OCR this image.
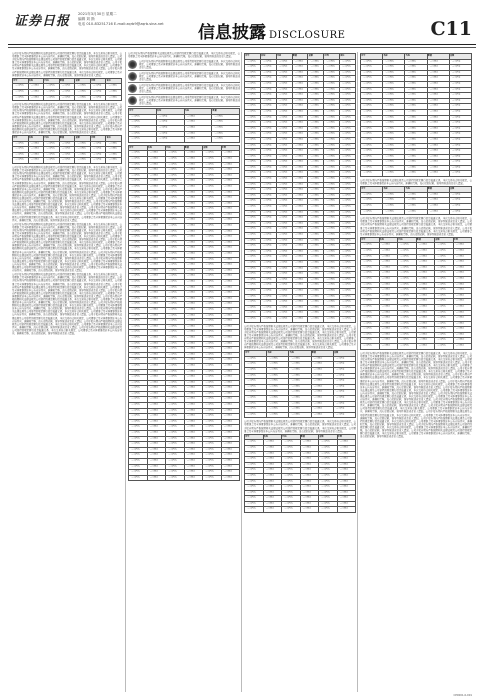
证券日报 2021年3月30日 星期二
编辑 刘 斯
电话 010-83251716 E-mail:zqrb9@zqrb.sina.net 信息披露 DISCLOSURE	C11

公司于报告期内严格按照相关法律法规及公司章程的规定履行信息披露义务，本次交易符合相关规定，公司董事会及全体董事保证本公告内容真实、准确和完整，没有虚假记载、误导性陈述或者重大遗漏。公司于报告期内严格按照相关法律法规及公司章程的规定履行信息披露义务，本次交易符合相关规定，公司董事会及全体董事保证本公告内容真实、准确和完整，没有虚假记载、误导性陈述或者重大遗漏。公司于报告期内严格按照相关法律法规及公司章程的规定履行信息披露义务，本次交易符合相关规定，公司董事会及全体董事保证本公告内容真实、准确和完整，没有虚假记载、误导性陈述或者重大遗漏。公司于报告期内严格按照相关法律法规及公司章程的规定履行信息披露义务，本次交易符合相关规定，公司董事会及全体董事保证本公告内容真实、准确和完整，没有虚假记载、误导性陈述或者重大遗漏。

序号	名称	代码	数量	金额	比例	备注
一二三四五	一二三四五	一二三四五	一二三四五	一二三四五	一二三四五	一二三四五
一二三四五	一二三四五	一二三四五	一二三四五	一二三四五	一二三四五	一二三四五
一二三四五	一二三四五	一二三四五	一二三四五	一二三四五	一二三四五	一二三四五

公司于报告期内严格按照相关法律法规及公司章程的规定履行信息披露义务，本次交易符合相关规定，公司董事会及全体董事保证本公告内容真实、准确和完整，没有虚假记载、误导性陈述或者重大遗漏。公司于报告期内严格按照相关法律法规及公司章程的规定履行信息披露义务，本次交易符合相关规定，公司董事会及全体董事保证本公告内容真实、准确和完整，没有虚假记载、误导性陈述或者重大遗漏。公司于报告期内严格按照相关法律法规及公司章程的规定履行信息披露义务，本次交易符合相关规定，公司董事会及全体董事保证本公告内容真实、准确和完整，没有虚假记载、误导性陈述或者重大遗漏。公司于报告期内严格按照相关法律法规及公司章程的规定履行信息披露义务，本次交易符合相关规定，公司董事会及全体董事保证本公告内容真实、准确和完整，没有虚假记载、误导性陈述或者重大遗漏。公司于报告期内严格按照相关法律法规及公司章程的规定履行信息披露义务，本次交易符合相关规定，公司董事会及全体董事保证本公告内容真实、准确和完整，没有虚假记载、误导性陈述或者重大遗漏。

序号	名称	代码	数量	金额	比例	备注
一二三四五	一二三四五	一二三四五	一二三四五	一二三四五	一二三四五	一二三四五
一二三四五	一二三四五	一二三四五	一二三四五	一二三四五	一二三四五	一二三四五
一二三四五	一二三四五	一二三四五	一二三四五	一二三四五	一二三四五	一二三四五
一二三四五	一二三四五	一二三四五	一二三四五	一二三四五	一二三四五	一二三四五

公司于报告期内严格按照相关法律法规及公司章程的规定履行信息披露义务，本次交易符合相关规定，公司董事会及全体董事保证本公告内容真实、准确和完整，没有虚假记载、误导性陈述或者重大遗漏。公司于报告期内严格按照相关法律法规及公司章程的规定履行信息披露义务，本次交易符合相关规定，公司董事会及全体董事保证本公告内容真实、准确和完整，没有虚假记载、误导性陈述或者重大遗漏。公司于报告期内严格按照相关法律法规及公司章程的规定履行信息披露义务，本次交易符合相关规定，公司董事会及全体董事保证本公告内容真实、准确和完整，没有虚假记载、误导性陈述或者重大遗漏。公司于报告期内严格按照相关法律法规及公司章程的规定履行信息披露义务，本次交易符合相关规定，公司董事会及全体董事保证本公告内容真实、准确和完整，没有虚假记载、误导性陈述或者重大遗漏。公司于报告期内严格按照相关法律法规及公司章程的规定履行信息披露义务，本次交易符合相关规定，公司董事会及全体董事保证本公告内容真实、准确和完整，没有虚假记载、误导性陈述或者重大遗漏。公司于报告期内严格按照相关法律法规及公司章程的规定履行信息披露义务，本次交易符合相关规定，公司董事会及全体董事保证本公告内容真实、准确和完整，没有虚假记载、误导性陈述或者重大遗漏。公司于报告期内严格按照相关法律法规及公司章程的规定履行信息披露义务，本次交易符合相关规定，公司董事会及全体董事保证本公告内容真实、准确和完整，没有虚假记载、误导性陈述或者重大遗漏。公司于报告期内严格按照相关法律法规及公司章程的规定履行信息披露义务，本次交易符合相关规定，公司董事会及全体董事保证本公告内容真实、准确和完整，没有虚假记载、误导性陈述或者重大遗漏。公司于报告期内严格按照相关法律法规及公司章程的规定履行信息披露义务，本次交易符合相关规定，公司董事会及全体董事保证本公告内容真实、准确和完整，没有虚假记载、误导性陈述或者重大遗漏。

公司于报告期内严格按照相关法律法规及公司章程的规定履行信息披露义务，本次交易符合相关规定，公司董事会及全体董事保证本公告内容真实、准确和完整，没有虚假记载、误导性陈述或者重大遗漏。公司于报告期内严格按照相关法律法规及公司章程的规定履行信息披露义务，本次交易符合相关规定，公司董事会及全体董事保证本公告内容真实、准确和完整，没有虚假记载、误导性陈述或者重大遗漏。公司于报告期内严格按照相关法律法规及公司章程的规定履行信息披露义务，本次交易符合相关规定，公司董事会及全体董事保证本公告内容真实、准确和完整，没有虚假记载、误导性陈述或者重大遗漏。公司于报告期内严格按照相关法律法规及公司章程的规定履行信息披露义务，本次交易符合相关规定，公司董事会及全体董事保证本公告内容真实、准确和完整，没有虚假记载、误导性陈述或者重大遗漏。公司于报告期内严格按照相关法律法规及公司章程的规定履行信息披露义务，本次交易符合相关规定，公司董事会及全体董事保证本公告内容真实、准确和完整，没有虚假记载、误导性陈述或者重大遗漏。公司于报告期内严格按照相关法律法规及公司章程的规定履行信息披露义务，本次交易符合相关规定，公司董事会及全体董事保证本公告内容真实、准确和完整，没有虚假记载、误导性陈述或者重大遗漏。公司于报告期内严格按照相关法律法规及公司章程的规定履行信息披露义务，本次交易符合相关规定，公司董事会及全体董事保证本公告内容真实、准确和完整，没有虚假记载、误导性陈述或者重大遗漏。公司于报告期内严格按照相关法律法规及公司章程的规定履行信息披露义务，本次交易符合相关规定，公司董事会及全体董事保证本公告内容真实、准确和完整，没有虚假记载、误导性陈述或者重大遗漏。

公司于报告期内严格按照相关法律法规及公司章程的规定履行信息披露义务，本次交易符合相关规定，公司董事会及全体董事保证本公告内容真实、准确和完整，没有虚假记载、误导性陈述或者重大遗漏。公司于报告期内严格按照相关法律法规及公司章程的规定履行信息披露义务，本次交易符合相关规定，公司董事会及全体董事保证本公告内容真实、准确和完整，没有虚假记载、误导性陈述或者重大遗漏。公司于报告期内严格按照相关法律法规及公司章程的规定履行信息披露义务，本次交易符合相关规定，公司董事会及全体董事保证本公告内容真实、准确和完整，没有虚假记载、误导性陈述或者重大遗漏。公司于报告期内严格按照相关法律法规及公司章程的规定履行信息披露义务，本次交易符合相关规定，公司董事会及全体董事保证本公告内容真实、准确和完整，没有虚假记载、误导性陈述或者重大遗漏。公司于报告期内严格按照相关法律法规及公司章程的规定履行信息披露义务，本次交易符合相关规定，公司董事会及全体董事保证本公告内容真实、准确和完整，没有虚假记载、误导性陈述或者重大遗漏。公司于报告期内严格按照相关法律法规及公司章程的规定履行信息披露义务，本次交易符合相关规定，公司董事会及全体董事保证本公告内容真实、准确和完整，没有虚假记载、误导性陈述或者重大遗漏。公司于报告期内严格按照相关法律法规及公司章程的规定履行信息披露义务，本次交易符合相关规定，公司董事会及全体董事保证本公告内容真实、准确和完整，没有虚假记载、误导性陈述或者重大遗漏。公司于报告期内严格按照相关法律法规及公司章程的规定履行信息披露义务，本次交易符合相关规定，公司董事会及全体董事保证本公告内容真实、准确和完整，没有虚假记载、误导性陈述或者重大遗漏。公司于报告期内严格按照相关法律法规及公司章程的规定履行信息披露义务，本次交易符合相关规定，公司董事会及全体董事保证本公告内容真实、准确和完整，没有虚假记载、误导性陈述或者重大遗漏。公司于报告期内严格按照相关法律法规及公司章程的规定履行信息披露义务，本次交易符合相关规定，公司董事会及全体董事保证本公告内容真实、准确和完整，没有虚假记载、误导性陈述或者重大遗漏。

公司于报告期内严格按照相关法律法规及公司章程的规定履行信息披露义务，本次交易符合相关规定，公司董事会及全体董事保证本公告内容真实、准确和完整，没有虚假记载、误导性陈述或者重大遗漏。

公司于报告期内严格按照相关法律法规及公司章程的规定履行信息披露义务，本次交易符合相关规定，公司董事会及全体董事保证本公告内容真实、准确和完整，没有虚假记载、误导性陈述或者重大遗漏。
公司于报告期内严格按照相关法律法规及公司章程的规定履行信息披露义务，本次交易符合相关规定，公司董事会及全体董事保证本公告内容真实、准确和完整，没有虚假记载、误导性陈述或者重大遗漏。
公司于报告期内严格按照相关法律法规及公司章程的规定履行信息披露义务，本次交易符合相关规定，公司董事会及全体董事保证本公告内容真实、准确和完整，没有虚假记载、误导性陈述或者重大遗漏。
公司于报告期内严格按照相关法律法规及公司章程的规定履行信息披露义务，本次交易符合相关规定，公司董事会及全体董事保证本公告内容真实、准确和完整，没有虚假记载、误导性陈述或者重大遗漏。
序号	名称	代码	数量
一二三四五	一二三四五	一二三四五	一二三四五
一二三四五	一二三四五	一二三四五	一二三四五
一二三四五	一二三四五	一二三四五	一二三四五
一二三四五	一二三四五	一二三四五	一二三四五
一二三四五	一二三四五	一二三四五	一二三四五
序号	名称	代码	数量	金额	比例
一二三四五	一二三四五	一二三四五	一二三四五	一二三四五	一二三四五
一二三四五	一二三四五	一二三四五	一二三四五	一二三四五	一二三四五
一二三四五	一二三四五	一二三四五	一二三四五	一二三四五	一二三四五
一二三四五	一二三四五	一二三四五	一二三四五	一二三四五	一二三四五
一二三四五	一二三四五	一二三四五	一二三四五	一二三四五	一二三四五
一二三四五	一二三四五	一二三四五	一二三四五	一二三四五	一二三四五
一二三四五	一二三四五	一二三四五	一二三四五	一二三四五	一二三四五
一二三四五	一二三四五	一二三四五	一二三四五	一二三四五	一二三四五
一二三四五	一二三四五	一二三四五	一二三四五	一二三四五	一二三四五
一二三四五	一二三四五	一二三四五	一二三四五	一二三四五	一二三四五
一二三四五	一二三四五	一二三四五	一二三四五	一二三四五	一二三四五
一二三四五	一二三四五	一二三四五	一二三四五	一二三四五	一二三四五
一二三四五	一二三四五	一二三四五	一二三四五	一二三四五	一二三四五
一二三四五	一二三四五	一二三四五	一二三四五	一二三四五	一二三四五
一二三四五	一二三四五	一二三四五	一二三四五	一二三四五	一二三四五
一二三四五	一二三四五	一二三四五	一二三四五	一二三四五	一二三四五
一二三四五	一二三四五	一二三四五	一二三四五	一二三四五	一二三四五
一二三四五	一二三四五	一二三四五	一二三四五	一二三四五	一二三四五
一二三四五	一二三四五	一二三四五	一二三四五	一二三四五	一二三四五
一二三四五	一二三四五	一二三四五	一二三四五	一二三四五	一二三四五
一二三四五	一二三四五	一二三四五	一二三四五	一二三四五	一二三四五
一二三四五	一二三四五	一二三四五	一二三四五	一二三四五	一二三四五
一二三四五	一二三四五	一二三四五	一二三四五	一二三四五	一二三四五
一二三四五	一二三四五	一二三四五	一二三四五	一二三四五	一二三四五
一二三四五	一二三四五	一二三四五	一二三四五	一二三四五	一二三四五
一二三四五	一二三四五	一二三四五	一二三四五	一二三四五	一二三四五
一二三四五	一二三四五	一二三四五	一二三四五	一二三四五	一二三四五
一二三四五	一二三四五	一二三四五	一二三四五	一二三四五	一二三四五
一二三四五	一二三四五	一二三四五	一二三四五	一二三四五	一二三四五
一二三四五	一二三四五	一二三四五	一二三四五	一二三四五	一二三四五
一二三四五	一二三四五	一二三四五	一二三四五	一二三四五	一二三四五
一二三四五	一二三四五	一二三四五	一二三四五	一二三四五	一二三四五
一二三四五	一二三四五	一二三四五	一二三四五	一二三四五	一二三四五
一二三四五	一二三四五	一二三四五	一二三四五	一二三四五	一二三四五
一二三四五	一二三四五	一二三四五	一二三四五	一二三四五	一二三四五
一二三四五	一二三四五	一二三四五	一二三四五	一二三四五	一二三四五
一二三四五	一二三四五	一二三四五	一二三四五	一二三四五	一二三四五
一二三四五	一二三四五	一二三四五	一二三四五	一二三四五	一二三四五
一二三四五	一二三四五	一二三四五	一二三四五	一二三四五	一二三四五
一二三四五	一二三四五	一二三四五	一二三四五	一二三四五	一二三四五
一二三四五	一二三四五	一二三四五	一二三四五	一二三四五	一二三四五
一二三四五	一二三四五	一二三四五	一二三四五	一二三四五	一二三四五
一二三四五	一二三四五	一二三四五	一二三四五	一二三四五	一二三四五
一二三四五	一二三四五	一二三四五	一二三四五	一二三四五	一二三四五
一二三四五	一二三四五	一二三四五	一二三四五	一二三四五	一二三四五
一二三四五	一二三四五	一二三四五	一二三四五	一二三四五	一二三四五
一二三四五	一二三四五	一二三四五	一二三四五	一二三四五	一二三四五
一二三四五	一二三四五	一二三四五	一二三四五	一二三四五	一二三四五
一二三四五	一二三四五	一二三四五	一二三四五	一二三四五	一二三四五
一二三四五	一二三四五	一二三四五	一二三四五	一二三四五	一二三四五
一二三四五	一二三四五	一二三四五	一二三四五	一二三四五	一二三四五
一二三四五	一二三四五	一二三四五	一二三四五	一二三四五	一二三四五
一二三四五	一二三四五	一二三四五	一二三四五	一二三四五	一二三四五
一二三四五	一二三四五	一二三四五	一二三四五	一二三四五	一二三四五
一二三四五	一二三四五	一二三四五	一二三四五	一二三四五	一二三四五
一二三四五	一二三四五	一二三四五	一二三四五	一二三四五	一二三四五
一二三四五	一二三四五	一二三四五	一二三四五	一二三四五	一二三四五
一二三四五	一二三四五	一二三四五	一二三四五	一二三四五	一二三四五
一二三四五	一二三四五	一二三四五	一二三四五	一二三四五	一二三四五
序号	名称	代码	数量	金额	比例	备注
一二三四五	一二三四五	一二三四五	一二三四五	一二三四五	一二三四五	一二三四五
一二三四五	一二三四五	一二三四五	一二三四五	一二三四五	一二三四五	一二三四五
一二三四五	一二三四五	一二三四五	一二三四五	一二三四五	一二三四五	一二三四五
一二三四五	一二三四五	一二三四五	一二三四五	一二三四五	一二三四五	一二三四五
一二三四五	一二三四五	一二三四五	一二三四五	一二三四五	一二三四五	一二三四五
一二三四五	一二三四五	一二三四五	一二三四五	一二三四五	一二三四五	一二三四五
一二三四五	一二三四五	一二三四五	一二三四五	一二三四五	一二三四五	一二三四五
一二三四五	一二三四五	一二三四五	一二三四五	一二三四五	一二三四五	一二三四五
一二三四五	一二三四五	一二三四五	一二三四五	一二三四五	一二三四五	一二三四五
一二三四五	一二三四五	一二三四五	一二三四五	一二三四五	一二三四五	一二三四五
一二三四五	一二三四五	一二三四五	一二三四五	一二三四五	一二三四五	一二三四五
一二三四五	一二三四五	一二三四五	一二三四五	一二三四五	一二三四五	一二三四五
一二三四五	一二三四五	一二三四五	一二三四五	一二三四五	一二三四五	一二三四五
一二三四五	一二三四五	一二三四五	一二三四五	一二三四五	一二三四五	一二三四五
一二三四五	一二三四五	一二三四五	一二三四五	一二三四五	一二三四五	一二三四五
一二三四五	一二三四五	一二三四五	一二三四五	一二三四五	一二三四五	一二三四五
一二三四五	一二三四五	一二三四五	一二三四五	一二三四五	一二三四五	一二三四五
一二三四五	一二三四五	一二三四五	一二三四五	一二三四五	一二三四五	一二三四五
一二三四五	一二三四五	一二三四五	一二三四五	一二三四五	一二三四五	一二三四五
一二三四五	一二三四五	一二三四五	一二三四五	一二三四五	一二三四五	一二三四五
一二三四五	一二三四五	一二三四五	一二三四五	一二三四五	一二三四五	一二三四五
一二三四五	一二三四五	一二三四五	一二三四五	一二三四五	一二三四五	一二三四五
一二三四五	一二三四五	一二三四五	一二三四五	一二三四五	一二三四五	一二三四五
一二三四五	一二三四五	一二三四五	一二三四五	一二三四五	一二三四五	一二三四五
一二三四五	一二三四五	一二三四五	一二三四五	一二三四五	一二三四五	一二三四五
一二三四五	一二三四五	一二三四五	一二三四五	一二三四五	一二三四五	一二三四五
一二三四五	一二三四五	一二三四五	一二三四五	一二三四五	一二三四五	一二三四五
一二三四五	一二三四五	一二三四五	一二三四五	一二三四五	一二三四五	一二三四五
一二三四五	一二三四五	一二三四五	一二三四五	一二三四五	一二三四五	一二三四五
一二三四五	一二三四五	一二三四五	一二三四五	一二三四五	一二三四五	一二三四五
一二三四五	一二三四五	一二三四五	一二三四五	一二三四五	一二三四五	一二三四五
一二三四五	一二三四五	一二三四五	一二三四五	一二三四五	一二三四五	一二三四五
一二三四五	一二三四五	一二三四五	一二三四五	一二三四五	一二三四五	一二三四五
一二三四五	一二三四五	一二三四五	一二三四五	一二三四五	一二三四五	一二三四五
一二三四五	一二三四五	一二三四五	一二三四五	一二三四五	一二三四五	一二三四五
一二三四五	一二三四五	一二三四五	一二三四五	一二三四五	一二三四五	一二三四五
一二三四五	一二三四五	一二三四五	一二三四五	一二三四五	一二三四五	一二三四五
一二三四五	一二三四五	一二三四五	一二三四五	一二三四五	一二三四五	一二三四五
一二三四五	一二三四五	一二三四五	一二三四五	一二三四五	一二三四五	一二三四五
一二三四五	一二三四五	一二三四五	一二三四五	一二三四五	一二三四五	一二三四五
一二三四五	一二三四五	一二三四五	一二三四五	一二三四五	一二三四五	一二三四五
一二三四五	一二三四五	一二三四五	一二三四五	一二三四五	一二三四五	一二三四五
一二三四五	一二三四五	一二三四五	一二三四五	一二三四五	一二三四五	一二三四五
一二三四五	一二三四五	一二三四五	一二三四五	一二三四五	一二三四五	一二三四五
一二三四五	一二三四五	一二三四五	一二三四五	一二三四五	一二三四五	一二三四五
一二三四五	一二三四五	一二三四五	一二三四五	一二三四五	一二三四五	一二三四五
一二三四五	一二三四五	一二三四五	一二三四五	一二三四五	一二三四五	一二三四五

公司于报告期内严格按照相关法律法规及公司章程的规定履行信息披露义务，本次交易符合相关规定，公司董事会及全体董事保证本公告内容真实、准确和完整，没有虚假记载、误导性陈述或者重大遗漏。公司于报告期内严格按照相关法律法规及公司章程的规定履行信息披露义务，本次交易符合相关规定，公司董事会及全体董事保证本公告内容真实、准确和完整，没有虚假记载、误导性陈述或者重大遗漏。公司于报告期内严格按照相关法律法规及公司章程的规定履行信息披露义务，本次交易符合相关规定，公司董事会及全体董事保证本公告内容真实、准确和完整，没有虚假记载、误导性陈述或者重大遗漏。公司于报告期内严格按照相关法律法规及公司章程的规定履行信息披露义务，本次交易符合相关规定，公司董事会及全体董事保证本公告内容真实、准确和完整，没有虚假记载、误导性陈述或者重大遗漏。

序号	名称	代码	数量	金额
一二三四五	一二三四五	一二三四五	一二三四五	一二三四五
一二三四五	一二三四五	一二三四五	一二三四五	一二三四五
一二三四五	一二三四五	一二三四五	一二三四五	一二三四五
一二三四五	一二三四五	一二三四五	一二三四五	一二三四五
一二三四五	一二三四五	一二三四五	一二三四五	一二三四五
一二三四五	一二三四五	一二三四五	一二三四五	一二三四五
一二三四五	一二三四五	一二三四五	一二三四五	一二三四五
一二三四五	一二三四五	一二三四五	一二三四五	一二三四五
一二三四五	一二三四五	一二三四五	一二三四五	一二三四五
一二三四五	一二三四五	一二三四五	一二三四五	一二三四五
一二三四五	一二三四五	一二三四五	一二三四五	一二三四五

公司于报告期内严格按照相关法律法规及公司章程的规定履行信息披露义务，本次交易符合相关规定，公司董事会及全体董事保证本公告内容真实、准确和完整，没有虚假记载、误导性陈述或者重大遗漏。公司于报告期内严格按照相关法律法规及公司章程的规定履行信息披露义务，本次交易符合相关规定，公司董事会及全体董事保证本公告内容真实、准确和完整，没有虚假记载、误导性陈述或者重大遗漏。

序号	名称	代码	数量	金额	比例
一二三四五	一二三四五	一二三四五	一二三四五	一二三四五	一二三四五
一二三四五	一二三四五	一二三四五	一二三四五	一二三四五	一二三四五
一二三四五	一二三四五	一二三四五	一二三四五	一二三四五	一二三四五
一二三四五	一二三四五	一二三四五	一二三四五	一二三四五	一二三四五
一二三四五	一二三四五	一二三四五	一二三四五	一二三四五	一二三四五
一二三四五	一二三四五	一二三四五	一二三四五	一二三四五	一二三四五
一二三四五	一二三四五	一二三四五	一二三四五	一二三四五	一二三四五
一二三四五	一二三四五	一二三四五	一二三四五	一二三四五	一二三四五
一二三四五	一二三四五	一二三四五	一二三四五	一二三四五	一二三四五
一二三四五	一二三四五	一二三四五	一二三四五	一二三四五	一二三四五
一二三四五	一二三四五	一二三四五	一二三四五	一二三四五	一二三四五
一二三四五	一二三四五	一二三四五	一二三四五	一二三四五	一二三四五
一二三四五	一二三四五	一二三四五	一二三四五	一二三四五	一二三四五
序号	名称	代码	数量	金额
一二三四五	一二三四五	一二三四五	一二三四五	一二三四五
一二三四五	一二三四五	一二三四五	一二三四五	一二三四五
一二三四五	一二三四五	一二三四五	一二三四五	一二三四五
一二三四五	一二三四五	一二三四五	一二三四五	一二三四五
一二三四五	一二三四五	一二三四五	一二三四五	一二三四五
一二三四五	一二三四五	一二三四五	一二三四五	一二三四五
一二三四五	一二三四五	一二三四五	一二三四五	一二三四五
一二三四五	一二三四五	一二三四五	一二三四五	一二三四五
一二三四五	一二三四五	一二三四五	一二三四五	一二三四五
一二三四五	一二三四五	一二三四五	一二三四五	一二三四五
一二三四五	一二三四五	一二三四五	一二三四五	一二三四五
一二三四五	一二三四五	一二三四五	一二三四五	一二三四五
一二三四五	一二三四五	一二三四五	一二三四五	一二三四五
一二三四五	一二三四五	一二三四五	一二三四五	一二三四五
一二三四五	一二三四五	一二三四五	一二三四五	一二三四五
一二三四五	一二三四五	一二三四五	一二三四五	一二三四五
一二三四五	一二三四五	一二三四五	一二三四五	一二三四五
一二三四五	一二三四五	一二三四五	一二三四五	一二三四五
一二三四五	一二三四五	一二三四五	一二三四五	一二三四五
一二三四五	一二三四五	一二三四五	一二三四五	一二三四五
一二三四五	一二三四五	一二三四五	一二三四五	一二三四五

公司于报告期内严格按照相关法律法规及公司章程的规定履行信息披露义务，本次交易符合相关规定，公司董事会及全体董事保证本公告内容真实、准确和完整，没有虚假记载、误导性陈述或者重大遗漏。

序号	名称	代码	数量	金额
一二三四五	一二三四五	一二三四五	一二三四五	一二三四五
一二三四五	一二三四五	一二三四五	一二三四五	一二三四五
一二三四五	一二三四五	一二三四五	一二三四五	一二三四五
一二三四五	一二三四五	一二三四五	一二三四五	一二三四五

公司于报告期内严格按照相关法律法规及公司章程的规定履行信息披露义务，本次交易符合相关规定，公司董事会及全体董事保证本公告内容真实、准确和完整，没有虚假记载、误导性陈述或者重大遗漏。公司于报告期内严格按照相关法律法规及公司章程的规定履行信息披露义务，本次交易符合相关规定，公司董事会及全体董事保证本公告内容真实、准确和完整，没有虚假记载、误导性陈述或者重大遗漏。公司于报告期内严格按照相关法律法规及公司章程的规定履行信息披露义务，本次交易符合相关规定，公司董事会及全体董事保证本公告内容真实、准确和完整，没有虚假记载、误导性陈述或者重大遗漏。

序号	名称	代码	数量	金额	比例
一二三四五	一二三四五	一二三四五	一二三四五	一二三四五	一二三四五
一二三四五	一二三四五	一二三四五	一二三四五	一二三四五	一二三四五
一二三四五	一二三四五	一二三四五	一二三四五	一二三四五	一二三四五
一二三四五	一二三四五	一二三四五	一二三四五	一二三四五	一二三四五
一二三四五	一二三四五	一二三四五	一二三四五	一二三四五	一二三四五
一二三四五	一二三四五	一二三四五	一二三四五	一二三四五	一二三四五
一二三四五	一二三四五	一二三四五	一二三四五	一二三四五	一二三四五
一二三四五	一二三四五	一二三四五	一二三四五	一二三四五	一二三四五
一二三四五	一二三四五	一二三四五	一二三四五	一二三四五	一二三四五
一二三四五	一二三四五	一二三四五	一二三四五	一二三四五	一二三四五
一二三四五	一二三四五	一二三四五	一二三四五	一二三四五	一二三四五
一二三四五	一二三四五	一二三四五	一二三四五	一二三四五	一二三四五
一二三四五	一二三四五	一二三四五	一二三四五	一二三四五	一二三四五
一二三四五	一二三四五	一二三四五	一二三四五	一二三四五	一二三四五
一二三四五	一二三四五	一二三四五	一二三四五	一二三四五	一二三四五
一二三四五	一二三四五	一二三四五	一二三四五	一二三四五	一二三四五
一二三四五	一二三四五	一二三四五	一二三四五	一二三四五	一二三四五
一二三四五	一二三四五	一二三四五	一二三四五	一二三四五	一二三四五
一二三四五	一二三四五	一二三四五	一二三四五	一二三四五	一二三四五

公司于报告期内严格按照相关法律法规及公司章程的规定履行信息披露义务，本次交易符合相关规定，公司董事会及全体董事保证本公告内容真实、准确和完整，没有虚假记载、误导性陈述或者重大遗漏。公司于报告期内严格按照相关法律法规及公司章程的规定履行信息披露义务，本次交易符合相关规定，公司董事会及全体董事保证本公告内容真实、准确和完整，没有虚假记载、误导性陈述或者重大遗漏。公司于报告期内严格按照相关法律法规及公司章程的规定履行信息披露义务，本次交易符合相关规定，公司董事会及全体董事保证本公告内容真实、准确和完整，没有虚假记载、误导性陈述或者重大遗漏。公司于报告期内严格按照相关法律法规及公司章程的规定履行信息披露义务，本次交易符合相关规定，公司董事会及全体董事保证本公告内容真实、准确和完整，没有虚假记载、误导性陈述或者重大遗漏。公司于报告期内严格按照相关法律法规及公司章程的规定履行信息披露义务，本次交易符合相关规定，公司董事会及全体董事保证本公告内容真实、准确和完整，没有虚假记载、误导性陈述或者重大遗漏。公司于报告期内严格按照相关法律法规及公司章程的规定履行信息披露义务，本次交易符合相关规定，公司董事会及全体董事保证本公告内容真实、准确和完整，没有虚假记载、误导性陈述或者重大遗漏。公司于报告期内严格按照相关法律法规及公司章程的规定履行信息披露义务，本次交易符合相关规定，公司董事会及全体董事保证本公告内容真实、准确和完整，没有虚假记载、误导性陈述或者重大遗漏。公司于报告期内严格按照相关法律法规及公司章程的规定履行信息披露义务，本次交易符合相关规定，公司董事会及全体董事保证本公告内容真实、准确和完整，没有虚假记载、误导性陈述或者重大遗漏。公司于报告期内严格按照相关法律法规及公司章程的规定履行信息披露义务，本次交易符合相关规定，公司董事会及全体董事保证本公告内容真实、准确和完整，没有虚假记载、误导性陈述或者重大遗漏。公司于报告期内严格按照相关法律法规及公司章程的规定履行信息披露义务，本次交易符合相关规定，公司董事会及全体董事保证本公告内容真实、准确和完整，没有虚假记载、误导性陈述或者重大遗漏。公司于报告期内严格按照相关法律法规及公司章程的规定履行信息披露义务，本次交易符合相关规定，公司董事会及全体董事保证本公告内容真实、准确和完整，没有虚假记载、误导性陈述或者重大遗漏。公司于报告期内严格按照相关法律法规及公司章程的规定履行信息披露义务，本次交易符合相关规定，公司董事会及全体董事保证本公告内容真实、准确和完整，没有虚假记载、误导性陈述或者重大遗漏。公司于报告期内严格按照相关法律法规及公司章程的规定履行信息披露义务，本次交易符合相关规定，公司董事会及全体董事保证本公告内容真实、准确和完整，没有虚假记载、误导性陈述或者重大遗漏。公司于报告期内严格按照相关法律法规及公司章程的规定履行信息披露义务，本次交易符合相关规定，公司董事会及全体董事保证本公告内容真实、准确和完整，没有虚假记载、误导性陈述或者重大遗漏。

CP0001-0-001
